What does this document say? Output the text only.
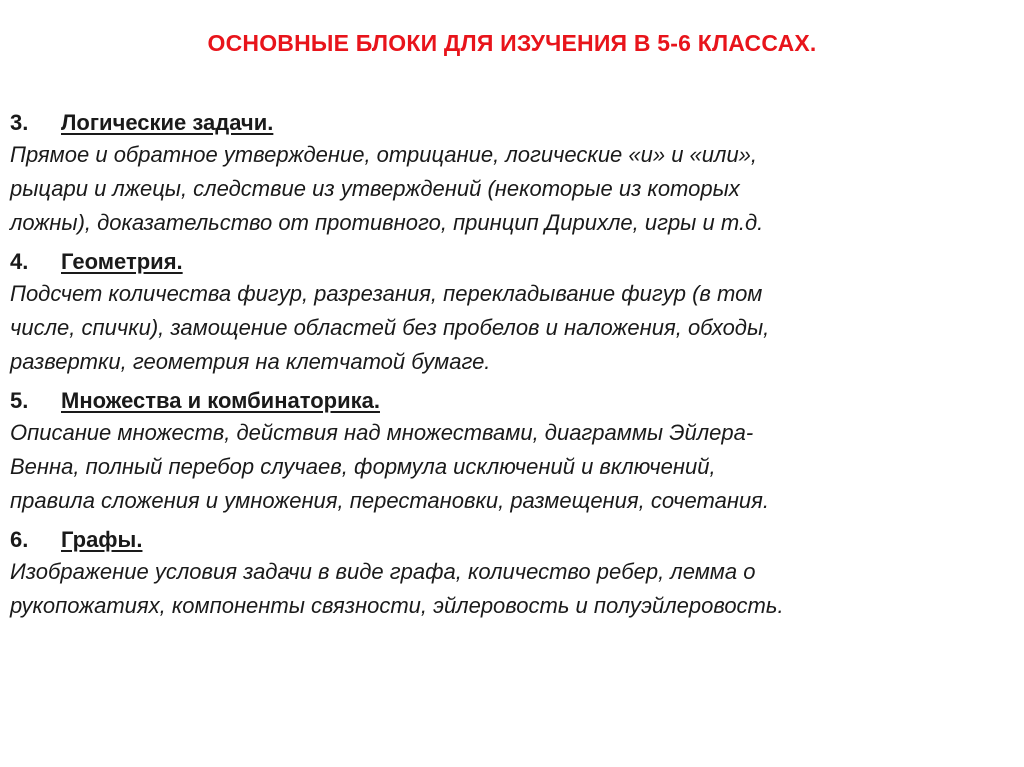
ОСНОВНЫЕ БЛОКИ ДЛЯ ИЗУЧЕНИЯ В 5-6 КЛАССАХ.
3. Логические задачи.
Прямое и обратное утверждение, отрицание, логические «и» и «или»,
рыцари и лжецы, следствие из утверждений (некоторые из которых
ложны), доказательство от противного, принцип Дирихле, игры и т.д.
4. Геометрия.
Подсчет количества фигур, разрезания, перекладывание фигур (в том
числе, спички), замощение областей без пробелов и наложения, обходы,
развертки, геометрия на клетчатой бумаге.
5. Множества и комбинаторика.
Описание множеств, действия над множествами, диаграммы Эйлера-
Венна, полный перебор случаев, формула исключений и включений,
правила сложения и умножения, перестановки, размещения, сочетания.
6. Графы.
Изображение условия задачи в виде графа, количество ребер, лемма о
рукопожатиях, компоненты связности, эйлеровость и полуэйлеровость.
